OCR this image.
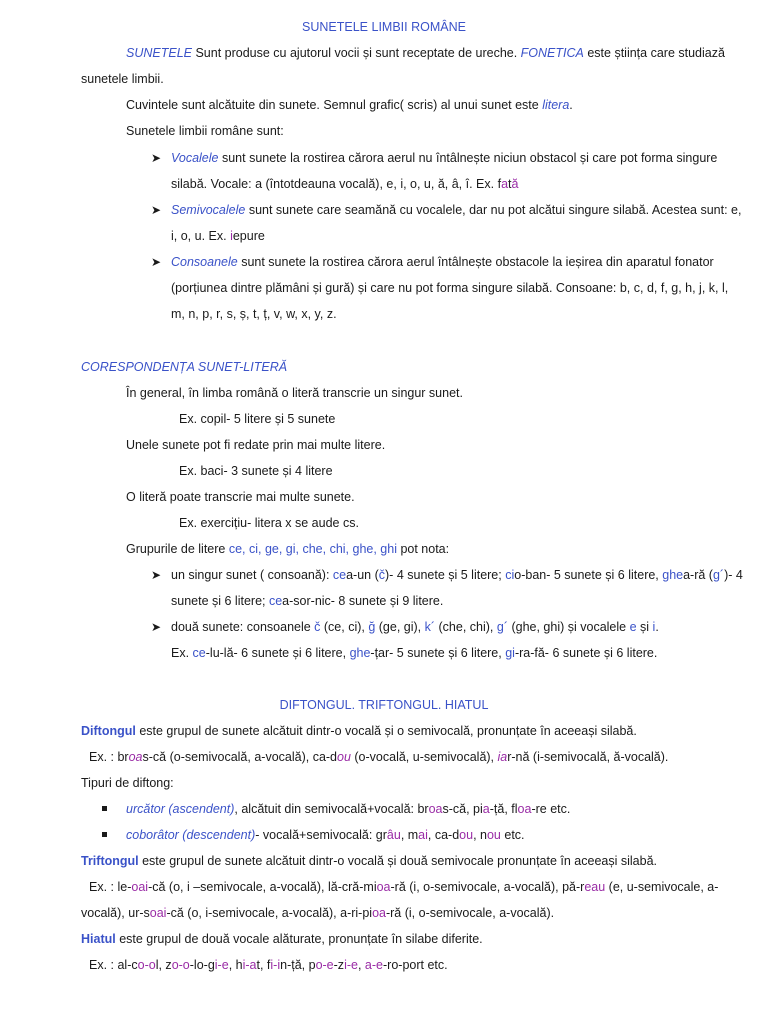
SUNETELE LIMBII ROMÂNE
SUNETELE Sunt produse cu ajutorul vocii și sunt receptate de ureche. FONETICA este știința care studiază
sunetele limbii.
Cuvintele sunt alcătuite din sunete. Semnul grafic( scris) al unui sunet este litera.
Sunetele limbii române sunt:
➤ Vocalele sunt sunete la rostirea cărora aerul nu întâlnește niciun obstacol și care pot forma singure
silabă. Vocale: a (întotdeauna vocală), e, i, o, u, ă, â, î. Ex. fată
➤ Semivocalele sunt sunete care seamănă cu vocalele, dar nu pot alcătui singure silabă. Acestea sunt: e,
i, o, u. Ex. iepure
➤ Consoanele sunt sunete la rostirea cărora aerul întâlnește obstacole la ieșirea din aparatul fonator
(porțiunea dintre plămâni și gură) și care nu pot forma singure silabă. Consoane: b, c, d, f, g, h, j, k, l,
m, n, p, r, s, ș, t, ț, v, w, x, y, z.
CORESPONDENȚA SUNET-LITERĂ
În general, în limba română o literă transcrie un singur sunet.
Ex. copil- 5 litere și 5 sunete
Unele sunete pot fi redate prin mai multe litere.
Ex. baci- 3 sunete și 4 litere
O literă poate transcrie mai multe sunete.
Ex. exercițiu- litera x se aude cs.
Grupurile de litere ce, ci, ge, gi, che, chi, ghe, ghi pot nota:
➤ un singur sunet ( consoană): cea-un (č)- 4 sunete și 5 litere; cio-ban- 5 sunete și 6 litere, ghea-ră (g´)- 4
sunete și 6 litere; cea-sor-nic- 8 sunete și 9 litere.
➤ două sunete: consoanele č (ce, ci), ğ (ge, gi), k´ (che, chi), g´ (ghe, ghi) și vocalele e și i.
Ex. ce-lu-lă- 6 sunete și 6 litere, ghe-țar- 5 sunete și 6 litere, gi-ra-fă- 6 sunete și 6 litere.
DIFTONGUL. TRIFTONGUL. HIATUL
Diftongul este grupul de sunete alcătuit dintr-o vocală și o semivocală, pronunțate în aceeași silabă.
Ex. : broas-că (o-semivocală, a-vocală), ca-dou (o-vocală, u-semivocală), iar-nă (i-semivocală, ă-vocală).
Tipuri de diftong:
urcător (ascendent), alcătuit din semivocală+vocală: broas-că, pia-ță, floa-re etc.
coborâtor (descendent)- vocală+semivocală: grâu, mai, ca-dou, nou etc.
Triftongul este grupul de sunete alcătuit dintr-o vocală și două semivocale pronunțate în aceeași silabă.
Ex. : le-oai-că (o, i –semivocale, a-vocală), lă-cră-mioa-ră (i, o-semivocale, a-vocală), pă-reau (e, u-semivocale, a-
vocală), ur-soai-că (o, i-semivocale, a-vocală), a-ri-pioa-ră (i, o-semivocale, a-vocală).
Hiatul este grupul de două vocale alăturate, pronunțate în silabe diferite.
Ex. : al-co-ol, zo-o-lo-gi-e, hi-at, fi-in-ță, po-e-zi-e, a-e-ro-port etc.
